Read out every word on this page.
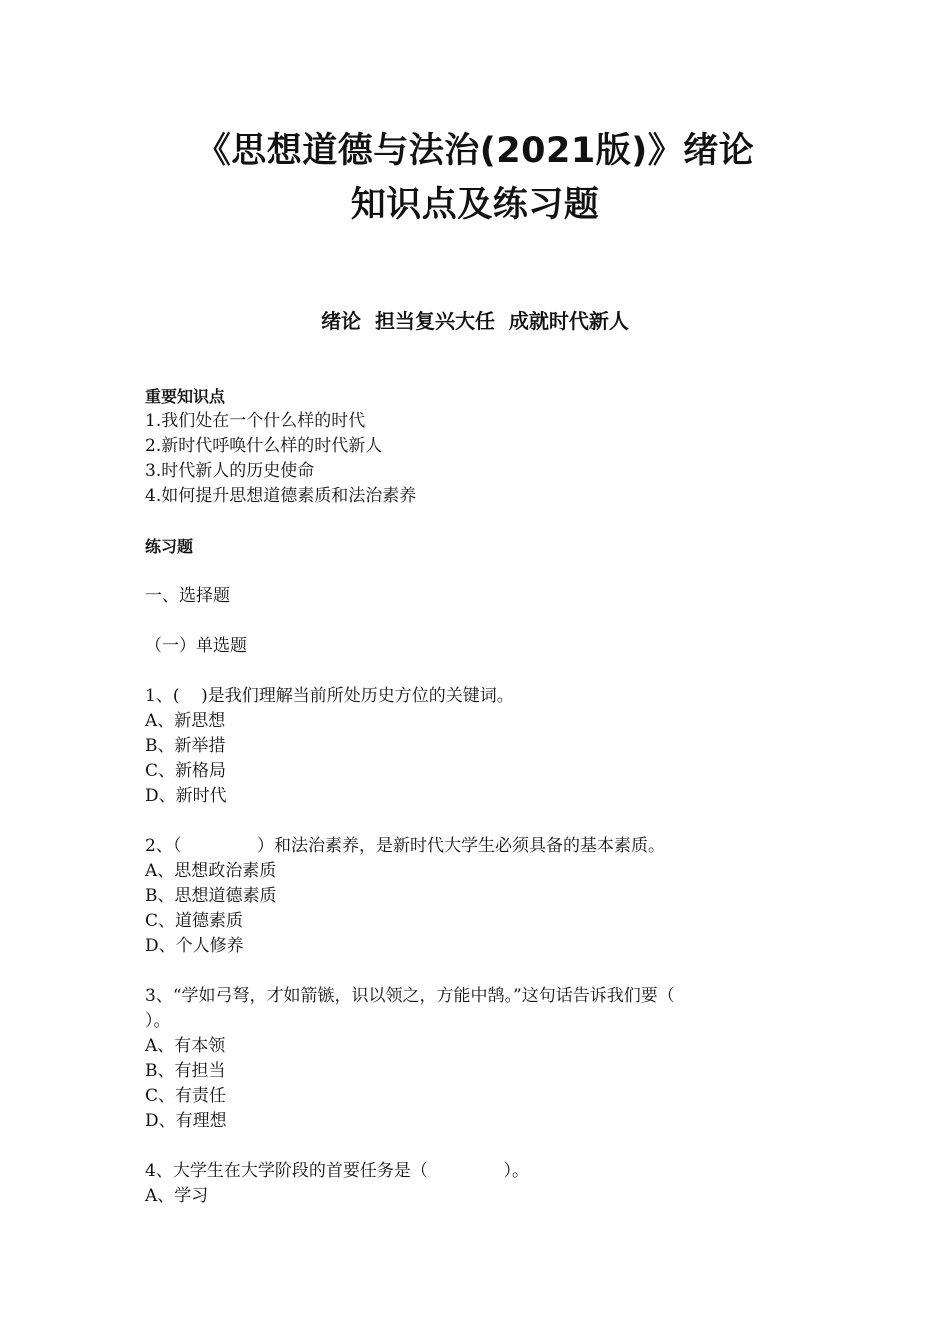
《思想道德与法治(2021版)》绪论
知识点及练习题
绪论  担当复兴大任  成就时代新人
重要知识点
1.我们处在一个什么样的时代
2.新时代呼唤什么样的时代新人
3.时代新人的历史使命
4.如何提升思想道德素质和法治素养
练习题
一、选择题
（一）单选题
1、(    )是我们理解当前所处历史方位的关键词。
A、新思想
B、新举措
C、新格局
D、新时代
2、（              ）和法治素养，是新时代大学生必须具备的基本素质。
A、思想政治素质
B、思想道德素质
C、道德素质
D、个人修养
3、“学如弓弩，才如箭镞，识以领之，方能中鹄。”这句话告诉我们要（
）。
A、有本领
B、有担当
C、有责任
D、有理想
4、大学生在大学阶段的首要任务是（              ）。
A、学习
